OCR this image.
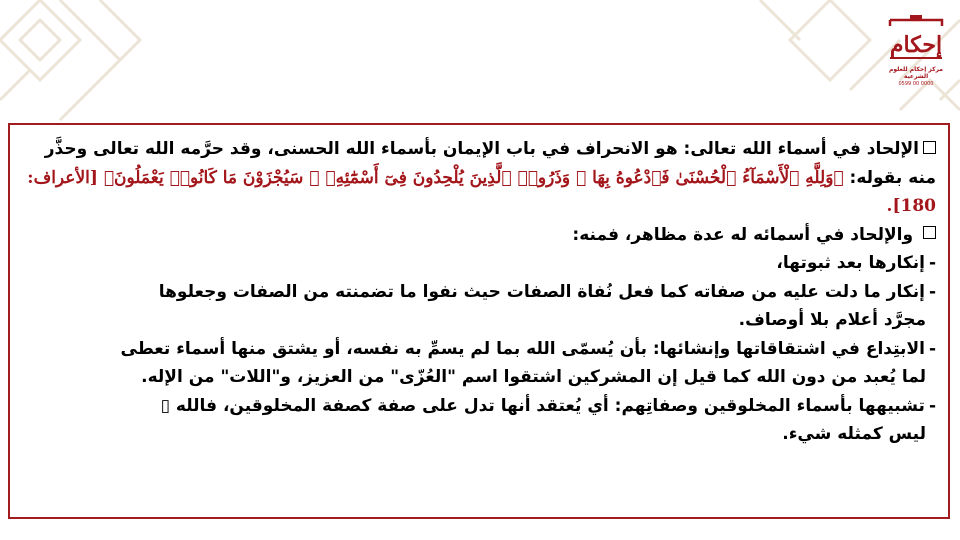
إحكام
مركز إحكام للعلوم الشرعية
0599 00 0000

الإلحاد في أسماء الله تعالى: هو الانحراف في باب الإيمان بأسماء الله الحسنى، وقد حرَّمه الله تعالى وحذَّر منه بقوله: ﴿وَلِلَّهِ ٱلْأَسْمَآءُ ٱلْحُسْنَىٰ فَٱدْعُوهُ بِهَا ۖ وَذَرُوا۟ ٱلَّذِينَ يُلْحِدُونَ فِىٓ أَسْمَٰٓئِهِۦ ۚ سَيُجْزَوْنَ مَا كَانُوا۟ يَعْمَلُونَ﴾ [الأعراف: 180].

والإلحاد في أسمائه له عدة مظاهر، فمنه:

-إنكارها بعد ثبوتها،

-إنكار ما دلت عليه من صفاته كما فعل نُفاة الصفات حيث نفوا ما تضمنته من الصفات وجعلوها

مجرَّد أعلام بلا أوصاف.

-الابتِداع في اشتقاقاتها وإنشائها: بأن يُسمّى الله بما لم يسمِّ به نفسه، أو يشتق منها أسماء تعطى

لما يُعبد من دون الله كما قيل إن المشركين اشتقوا اسم "العُزّى" من العزيز، و"اللات" من الإله.

-تشبيهها بأسماء المخلوقين وصفاتِهم: أي يُعتقد أنها تدل على صفة كصفة المخلوقين، فالله ▯

ليس كمثله شيء.
